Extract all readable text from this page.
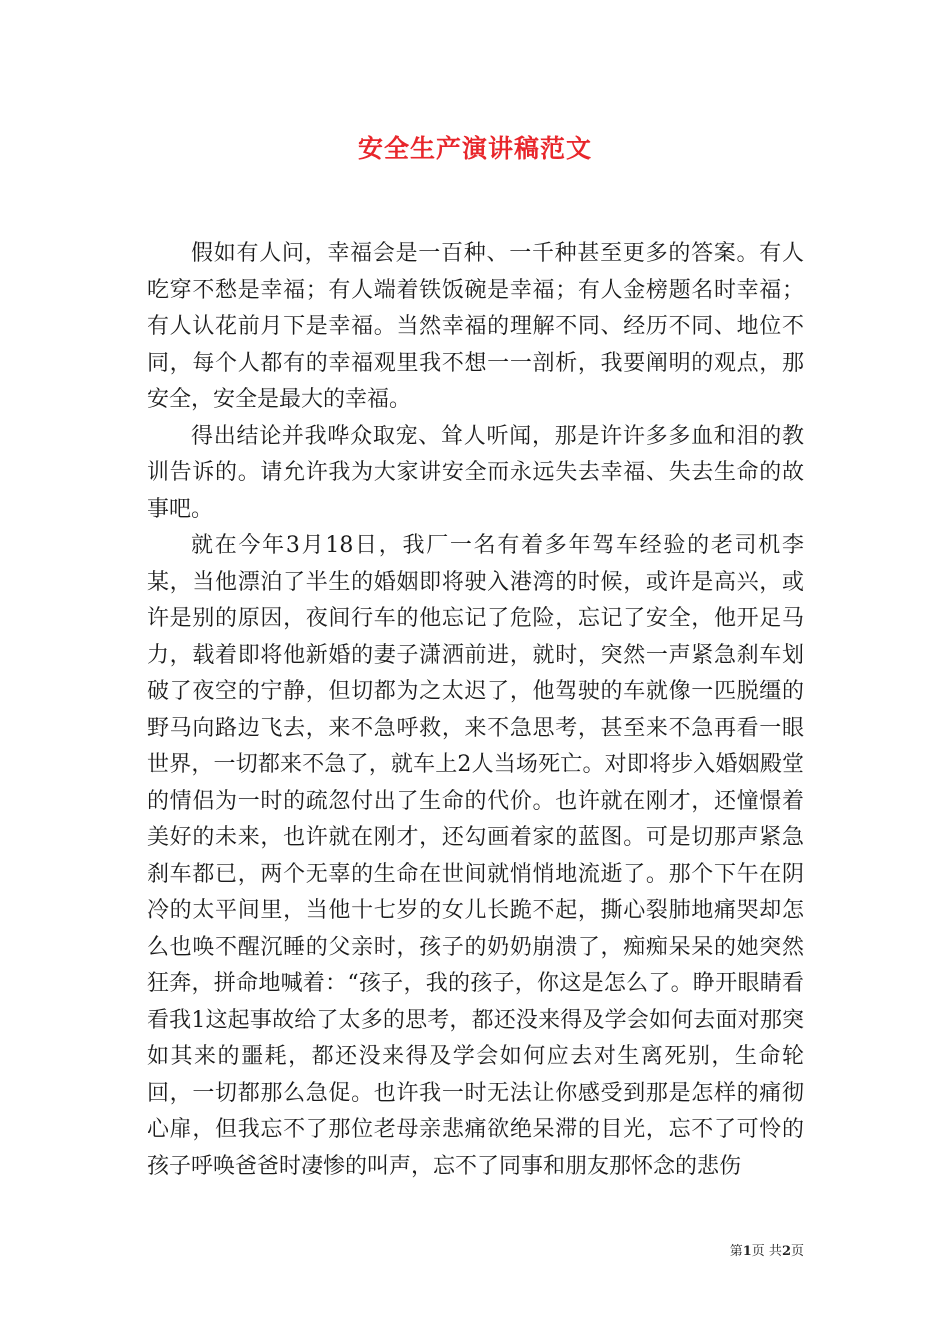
安全生产演讲稿范文

假如有人问，幸福会是一百种、一千种甚至更多的答案。有人吃穿不愁是幸福；有人端着铁饭碗是幸福；有人金榜题名时幸福；有人认花前月下是幸福。当然幸福的理解不同、经历不同、地位不同，每个人都有的幸福观里我不想一一剖析，我要阐明的观点，那安全，安全是最大的幸福。

得出结论并我哗众取宠、耸人听闻，那是许许多多血和泪的教训告诉的。请允许我为大家讲安全而永远失去幸福、失去生命的故事吧。

就在今年3月18日，我厂一名有着多年驾车经验的老司机李某，当他漂泊了半生的婚姻即将驶入港湾的时候，或许是高兴，或许是别的原因，夜间行车的他忘记了危险，忘记了安全，他开足马力，载着即将他新婚的妻子潇洒前进，就时，突然一声紧急刹车划破了夜空的宁静，但切都为之太迟了，他驾驶的车就像一匹脱缰的野马向路边飞去，来不急呼救，来不急思考，甚至来不急再看一眼世界，一切都来不急了，就车上2人当场死亡。对即将步入婚姻殿堂的情侣为一时的疏忽付出了生命的代价。也许就在刚才，还憧憬着美好的未来，也许就在刚才，还勾画着家的蓝图。可是切那声紧急刹车都已，两个无辜的生命在世间就悄悄地流逝了。那个下午在阴冷的太平间里，当他十七岁的女儿长跪不起，撕心裂肺地痛哭却怎么也唤不醒沉睡的父亲时，孩子的奶奶崩溃了，痴痴呆呆的她突然狂奔，拼命地喊着：“孩子，我的孩子，你这是怎么了。睁开眼睛看看我1这起事故给了太多的思考，都还没来得及学会如何去面对那突如其来的噩耗，都还没来得及学会如何应去对生离死别，生命轮回，一切都那么急促。也许我一时无法让你感受到那是怎样的痛彻心扉，但我忘不了那位老母亲悲痛欲绝呆滞的目光，忘不了可怜的孩子呼唤爸爸时凄惨的叫声，忘不了同事和朋友那怀念的悲伤

第1页 共2页
